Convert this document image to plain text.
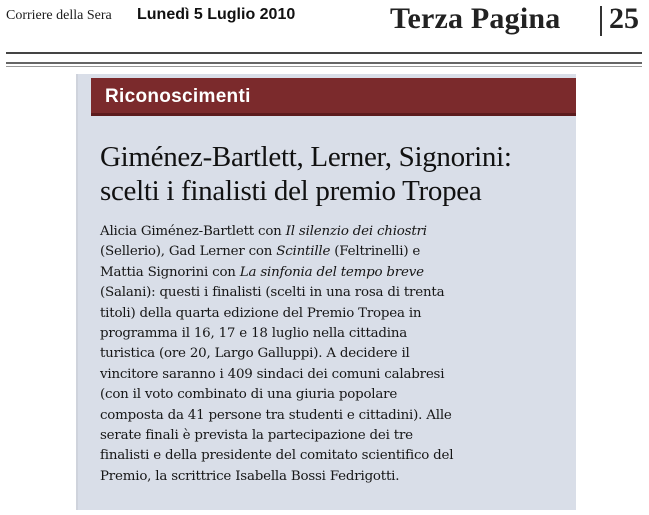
Corriere della Sera Lunedì 5 Luglio 2010	Terza Pagina 25
Riconoscimenti
Giménez-Bartlett, Lerner, Signorini:
scelti i finalisti del premio Tropea
Alicia Giménez-Bartlett con Il silenzio dei chiostri
(Sellerio), Gad Lerner con Scintille (Feltrinelli) e
Mattia Signorini con La sinfonia del tempo breve
(Salani): questi i finalisti (scelti in una rosa di trenta
titoli) della quarta edizione del Premio Tropea in
programma il 16, 17 e 18 luglio nella cittadina
turistica (ore 20, Largo Galluppi). A decidere il
vincitore saranno i 409 sindaci dei comuni calabresi
(con il voto combinato di una giuria popolare
composta da 41 persone tra studenti e cittadini). Alle
serate finali è prevista la partecipazione dei tre
finalisti e della presidente del comitato scientifico del
Premio, la scrittrice Isabella Bossi Fedrigotti.
